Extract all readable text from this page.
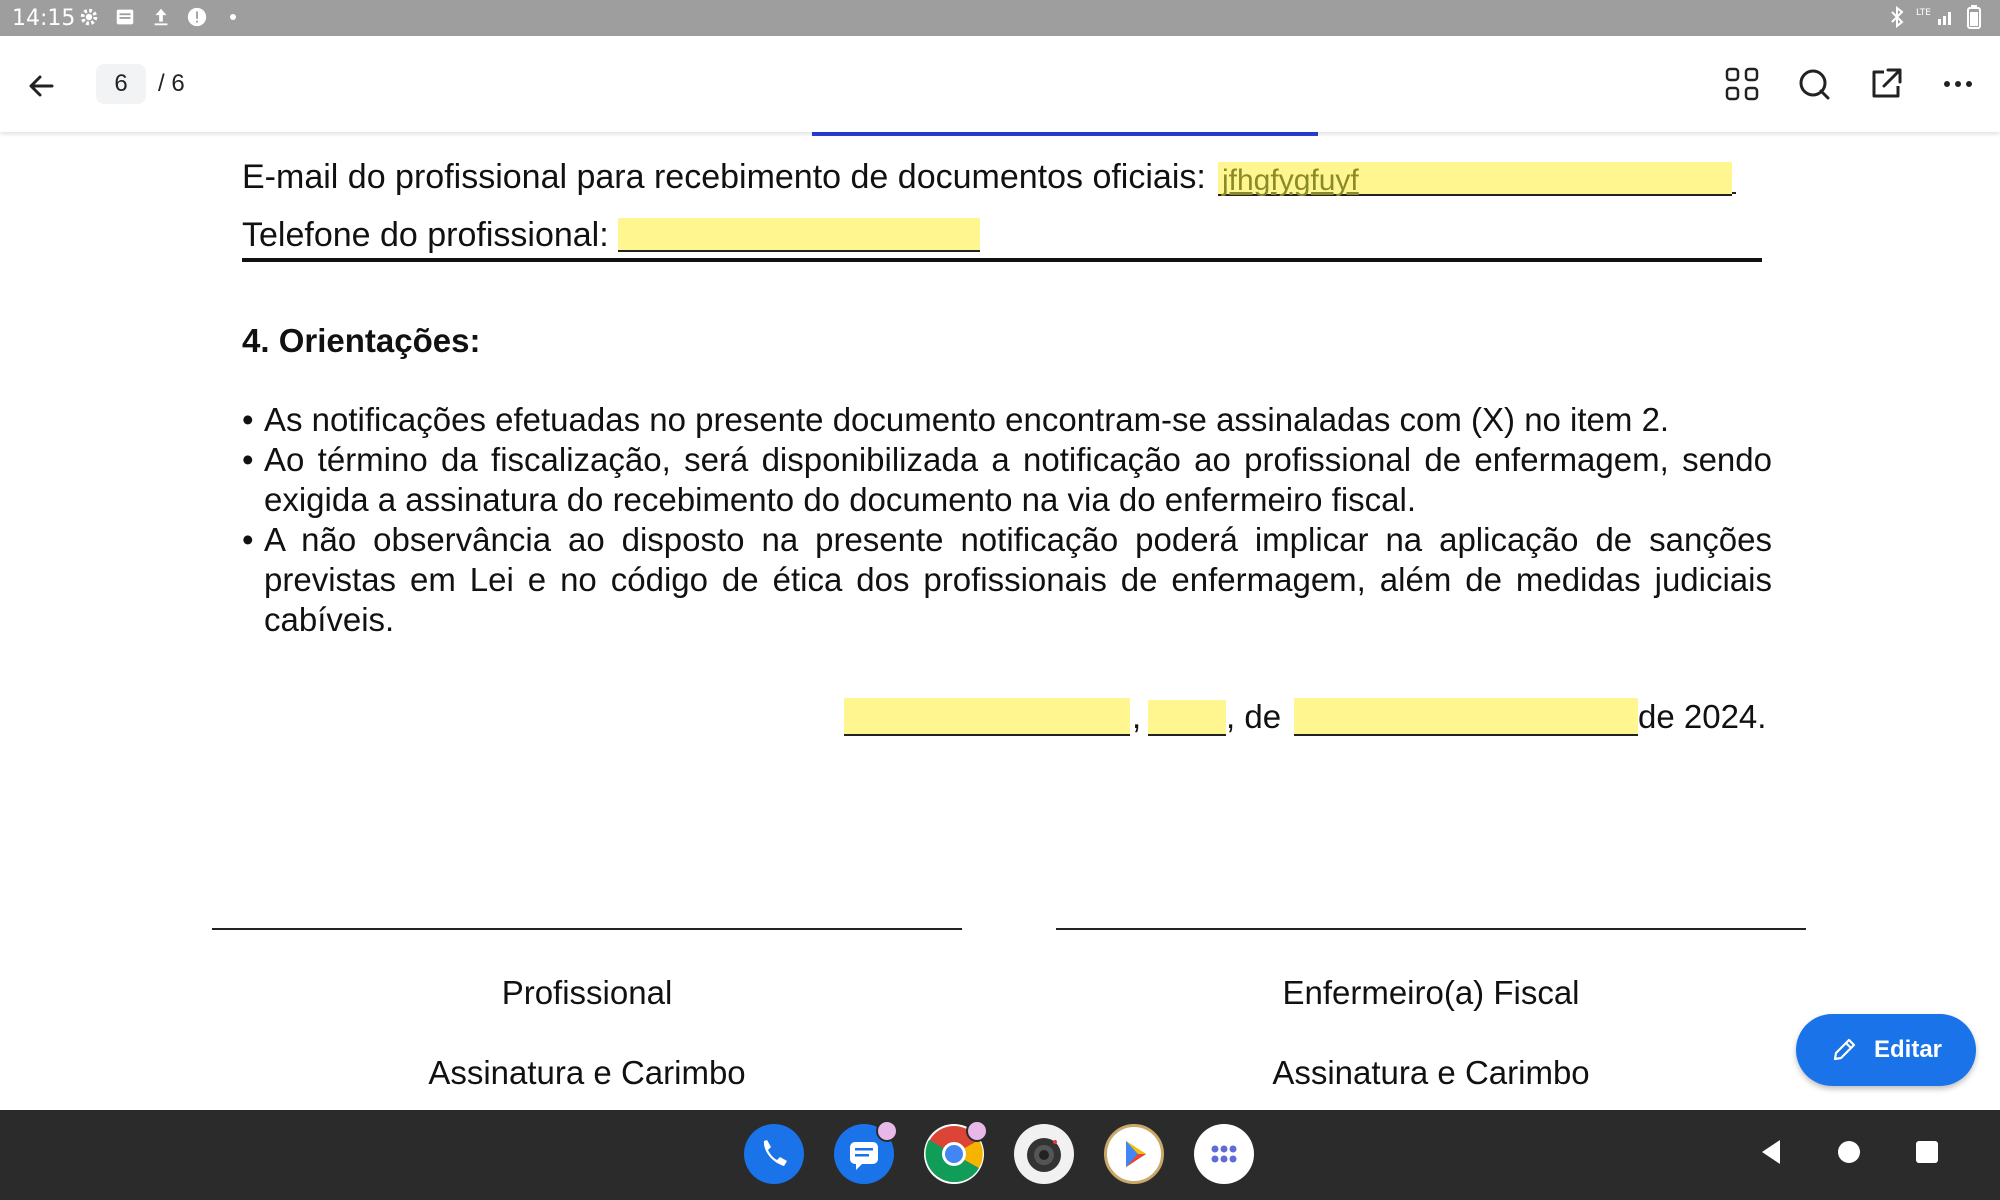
14:15	LTE
6	/ 6
E-mail do profissional para recebimento de documentos oficiais: jfhgfygfuyf
Telefone do profissional:
4. Orientações:
• As notificações efetuadas no presente documento encontram-se assinaladas com (X) no item 2.
• Ao término da fiscalização, será disponibilizada a notificação ao profissional de enfermagem, sendo exigida a assinatura do recebimento do documento na via do enfermeiro fiscal.
• A não observância ao disposto na presente notificação poderá implicar na aplicação de sanções previstas em Lei e no código de ética dos profissionais de enfermagem, além de medidas judiciais cabíveis.
,	, de	de 2024.
Profissional
Assinatura e Carimbo
Enfermeiro(a) Fiscal
Assinatura e Carimbo
Editar
